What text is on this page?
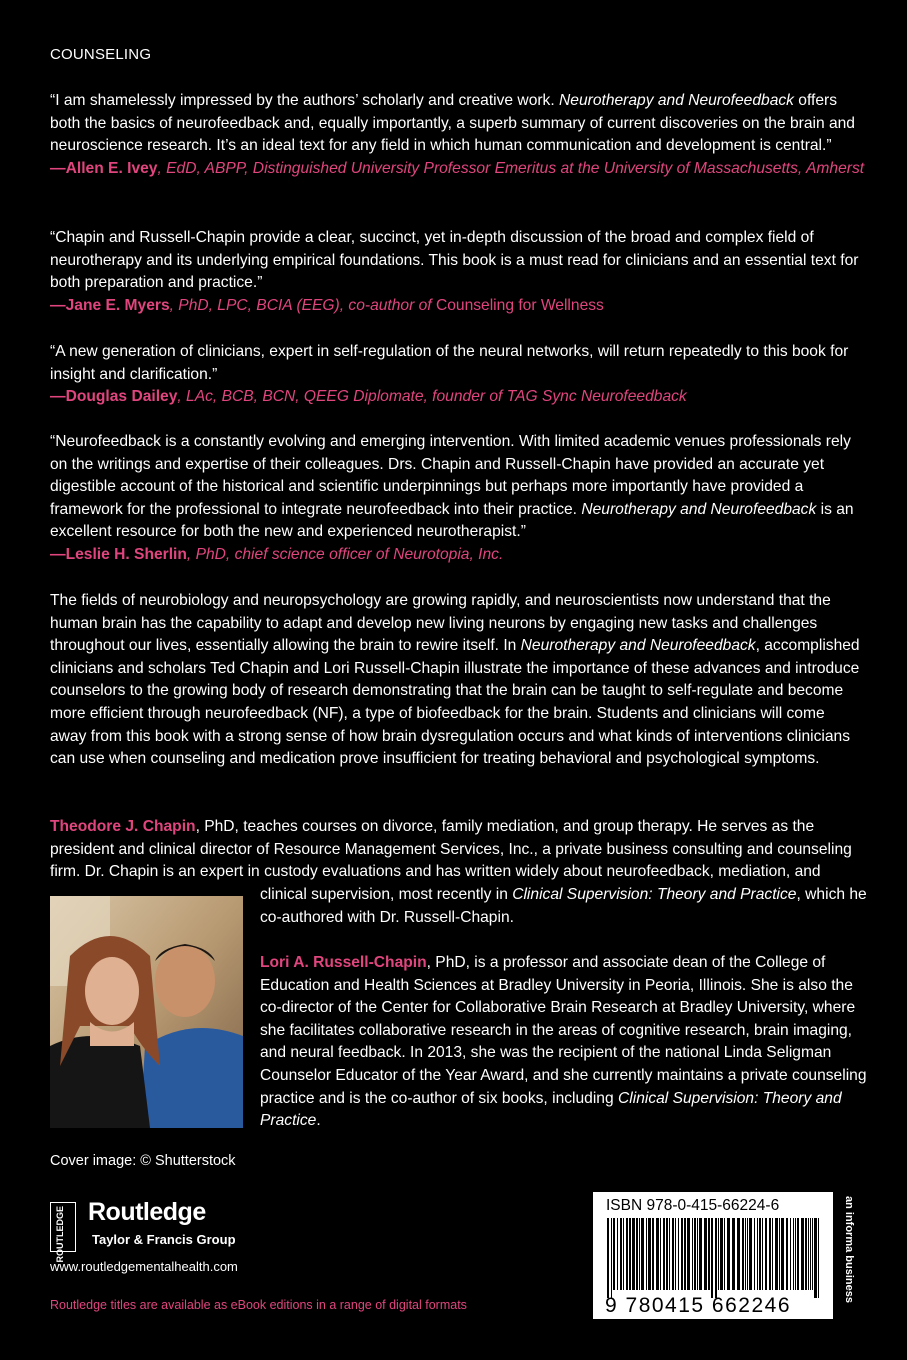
COUNSELING
“I am shamelessly impressed by the authors’ scholarly and creative work. Neurotherapy and Neurofeedback offers both the basics of neurofeedback and, equally importantly, a superb summary of current discoveries on the brain and neuroscience research. It’s an ideal text for any field in which human communication and development is central.”
—Allen E. Ivey, EdD, ABPP, Distinguished University Professor Emeritus at the University of Massachusetts, Amherst
“Chapin and Russell-Chapin provide a clear, succinct, yet in-depth discussion of the broad and complex field of neurotherapy and its underlying empirical foundations. This book is a must read for clinicians and an essential text for both preparation and practice.”
—Jane E. Myers, PhD, LPC, BCIA (EEG), co-author of Counseling for Wellness
“A new generation of clinicians, expert in self-regulation of the neural networks, will return repeatedly to this book for insight and clarification.”
—Douglas Dailey, LAc, BCB, BCN, QEEG Diplomate, founder of TAG Sync Neurofeedback
“Neurofeedback is a constantly evolving and emerging intervention. With limited academic venues professionals rely on the writings and expertise of their colleagues. Drs. Chapin and Russell-Chapin have provided an accurate yet digestible account of the historical and scientific underpinnings but perhaps more importantly have provided a framework for the professional to integrate neurofeedback into their practice. Neurotherapy and Neurofeedback is an excellent resource for both the new and experienced neurotherapist.”
—Leslie H. Sherlin, PhD, chief science officer of Neurotopia, Inc.
The fields of neurobiology and neuropsychology are growing rapidly, and neuroscientists now understand that the human brain has the capability to adapt and develop new living neurons by engaging new tasks and challenges throughout our lives, essentially allowing the brain to rewire itself. In Neurotherapy and Neurofeedback, accomplished clinicians and scholars Ted Chapin and Lori Russell-Chapin illustrate the importance of these advances and introduce counselors to the growing body of research demonstrating that the brain can be taught to self-regulate and become more efficient through neurofeedback (NF), a type of biofeedback for the brain. Students and clinicians will come away from this book with a strong sense of how brain dysregulation occurs and what kinds of interventions clinicians can use when counseling and medication prove insufficient for treating behavioral and psychological symptoms.
Theodore J. Chapin, PhD, teaches courses on divorce, family mediation, and group therapy. He serves as the president and clinical director of Resource Management Services, Inc., a private business consulting and counseling firm. Dr. Chapin is an expert in custody evaluations and has written widely about neurofeedback, mediation, and
clinical supervision, most recently in Clinical Supervision: Theory and Practice, which he co-authored with Dr. Russell-Chapin.
Lori A. Russell-Chapin, PhD, is a professor and associate dean of the College of Education and Health Sciences at Bradley University in Peoria, Illinois. She is also the co-director of the Center for Collaborative Brain Research at Bradley University, where she facilitates collaborative research in the areas of cognitive research, brain imaging, and neural feedback. In 2013, she was the recipient of the national Linda Seligman Counselor Educator of the Year Award, and she currently maintains a private counseling practice and is the co-author of six books, including Clinical Supervision: Theory and Practice.
Cover image: © Shutterstock
ROUTLEDGE Routledge
Taylor & Francis Group
www.routledgementalhealth.com
Routledge titles are available as eBook editions in a range of digital formats
ISBN 978-0-415-66224-6
9 780415 662246
an informa business
